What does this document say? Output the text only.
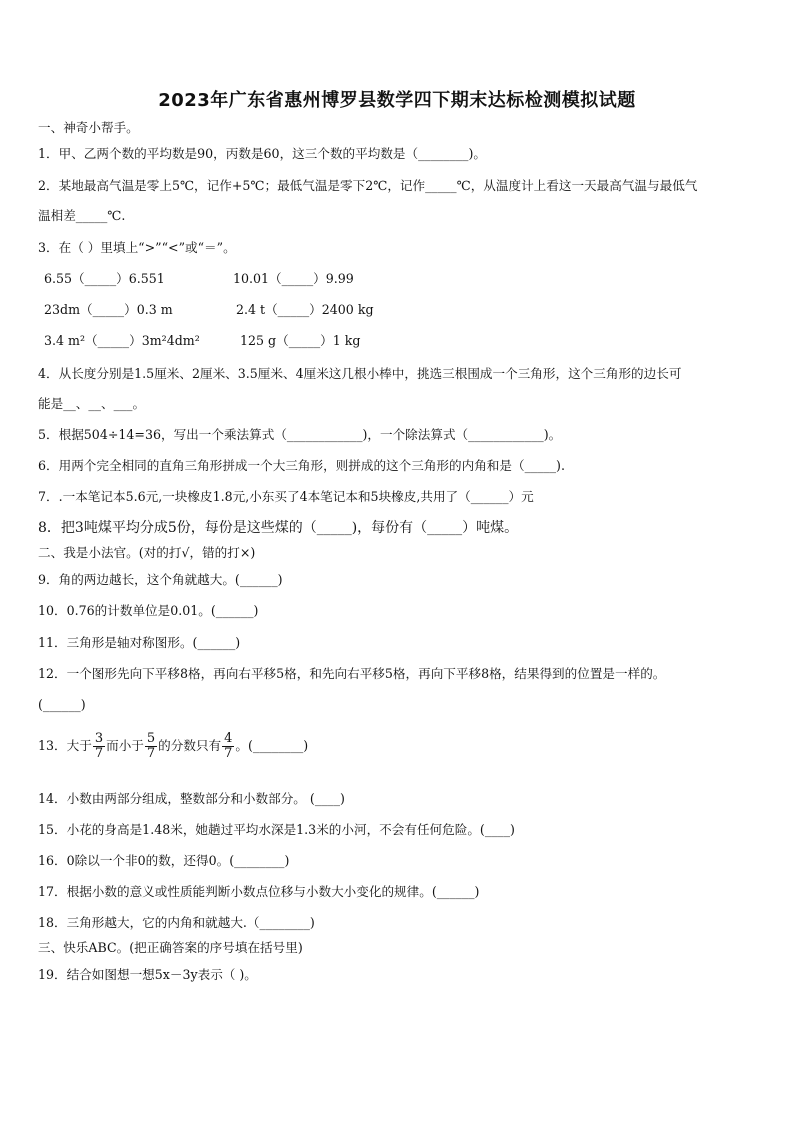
2023年广东省惠州博罗县数学四下期末达标检测模拟试题
一、神奇小帮手。
1．甲、乙两个数的平均数是90，丙数是60，这三个数的平均数是（________)。
2．某地最高气温是零上5℃，记作+5℃；最低气温是零下2℃，记作_____℃，从温度计上看这一天最高气温与最低气
温相差_____℃.
3．在（ ）里填上“>”“<”或“＝”。
6.55（_____）6.551	10.01（_____）9.99
23dm（_____）0.3 m	2.4 t（_____）2400 kg
3.4 m²（_____）3m²4dm²	125 g（_____）1 kg
4．从长度分别是1.5厘米、2厘米、3.5厘米、4厘米这几根小棒中，挑选三根围成一个三角形，这个三角形的边长可
能是__、__、___。
5．根据504÷14=36，写出一个乘法算式（____________)，一个除法算式（____________)。
6．用两个完全相同的直角三角形拼成一个大三角形，则拼成的这个三角形的内角和是（_____).
7．.一本笔记本5.6元,一块橡皮1.8元,小东买了4本笔记本和5块橡皮,共用了（______）元
8．把3吨煤平均分成5份，每份是这些煤的（_____)，每份有（_____）吨煤。
二、我是小法官。(对的打√，错的打×)
9．角的两边越长，这个角就越大。(______)
10．0.76的计数单位是0.01。(______)
11．三角形是轴对称图形。(______)
12．一个图形先向下平移8格，再向右平移5格，和先向右平移5格，再向下平移8格，结果得到的位置是一样的。
(______)
13．大于 $\frac{3}{7}$ 而小于 $\frac{5}{7}$ 的分数只有 $\frac{4}{7}$ 。(________)
14．小数由两部分组成，整数部分和小数部分。 (____)
15．小花的身高是1.48米，她趟过平均水深是1.3米的小河，不会有任何危险。(____)
16．0除以一个非0的数，还得0。(________)
17．根据小数的意义或性质能判断小数点位移与小数大小变化的规律。(______)
18．三角形越大，它的内角和就越大.（________)
三、快乐ABC。(把正确答案的序号填在括号里)
19．结合如图想一想5x－3y表示（ )。
